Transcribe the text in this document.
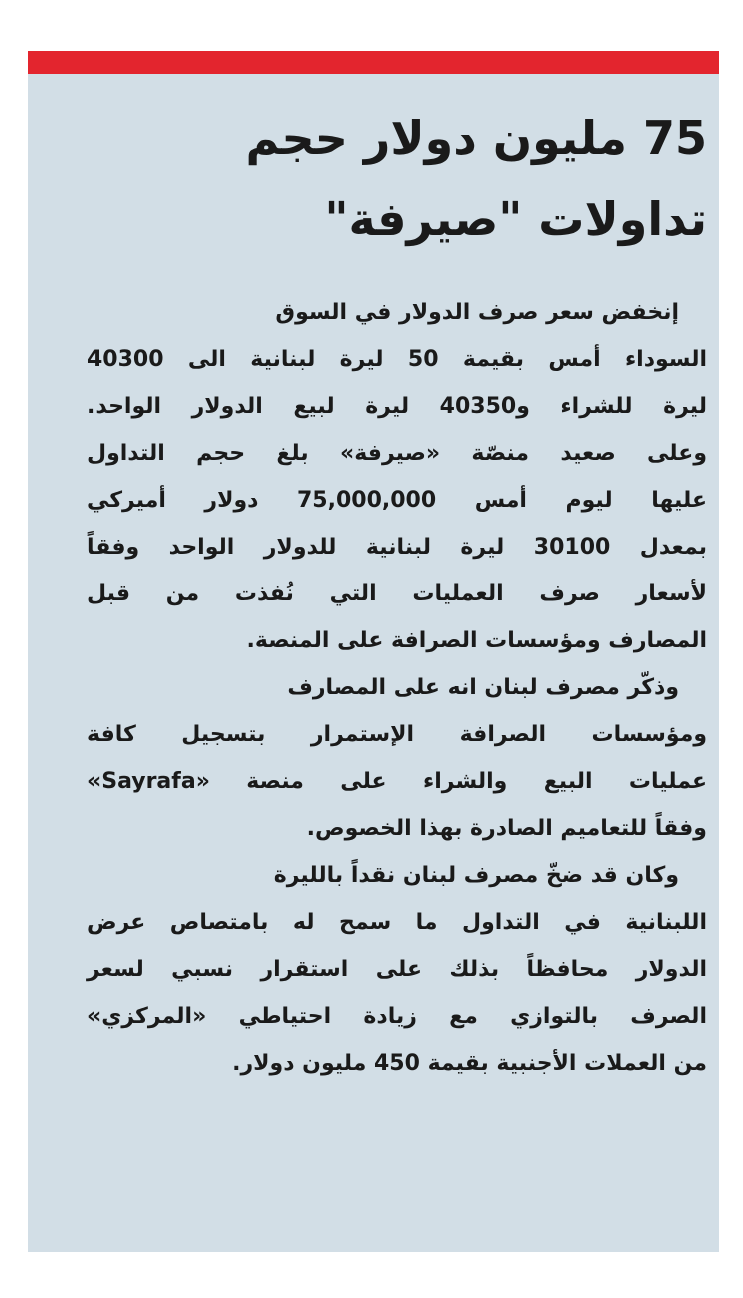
75 مليون دولار حجم
تداولات "صيرفة"
إنخفض سعر صرف الدولار في السوق
السوداء أمس بقيمة 50 ليرة لبنانية الى 40300
ليرة للشراء و40350 ليرة لبيع الدولار الواحد.
وعلى صعيد منصّة «صيرفة» بلغ حجم التداول
عليها ليوم أمس 75,000,000 دولار أميركي
بمعدل 30100 ليرة لبنانية للدولار الواحد وفقاً
لأسعار صرف العمليات التي نُفذت من قبل
المصارف ومؤسسات الصرافة على المنصة.
وذكّر مصرف لبنان انه على المصارف
ومؤسسات الصرافة الإستمرار بتسجيل كافة
عمليات البيع والشراء على منصة «Sayrafa»
وفقاً للتعاميم الصادرة بهذا الخصوص.
وكان قد ضخّ مصرف لبنان نقداً بالليرة
اللبنانية في التداول ما سمح له بامتصاص عرض
الدولار محافظاً بذلك على استقرار نسبي لسعر
الصرف بالتوازي مع زيادة احتياطي «المركزي»
من العملات الأجنبية بقيمة 450 مليون دولار.
